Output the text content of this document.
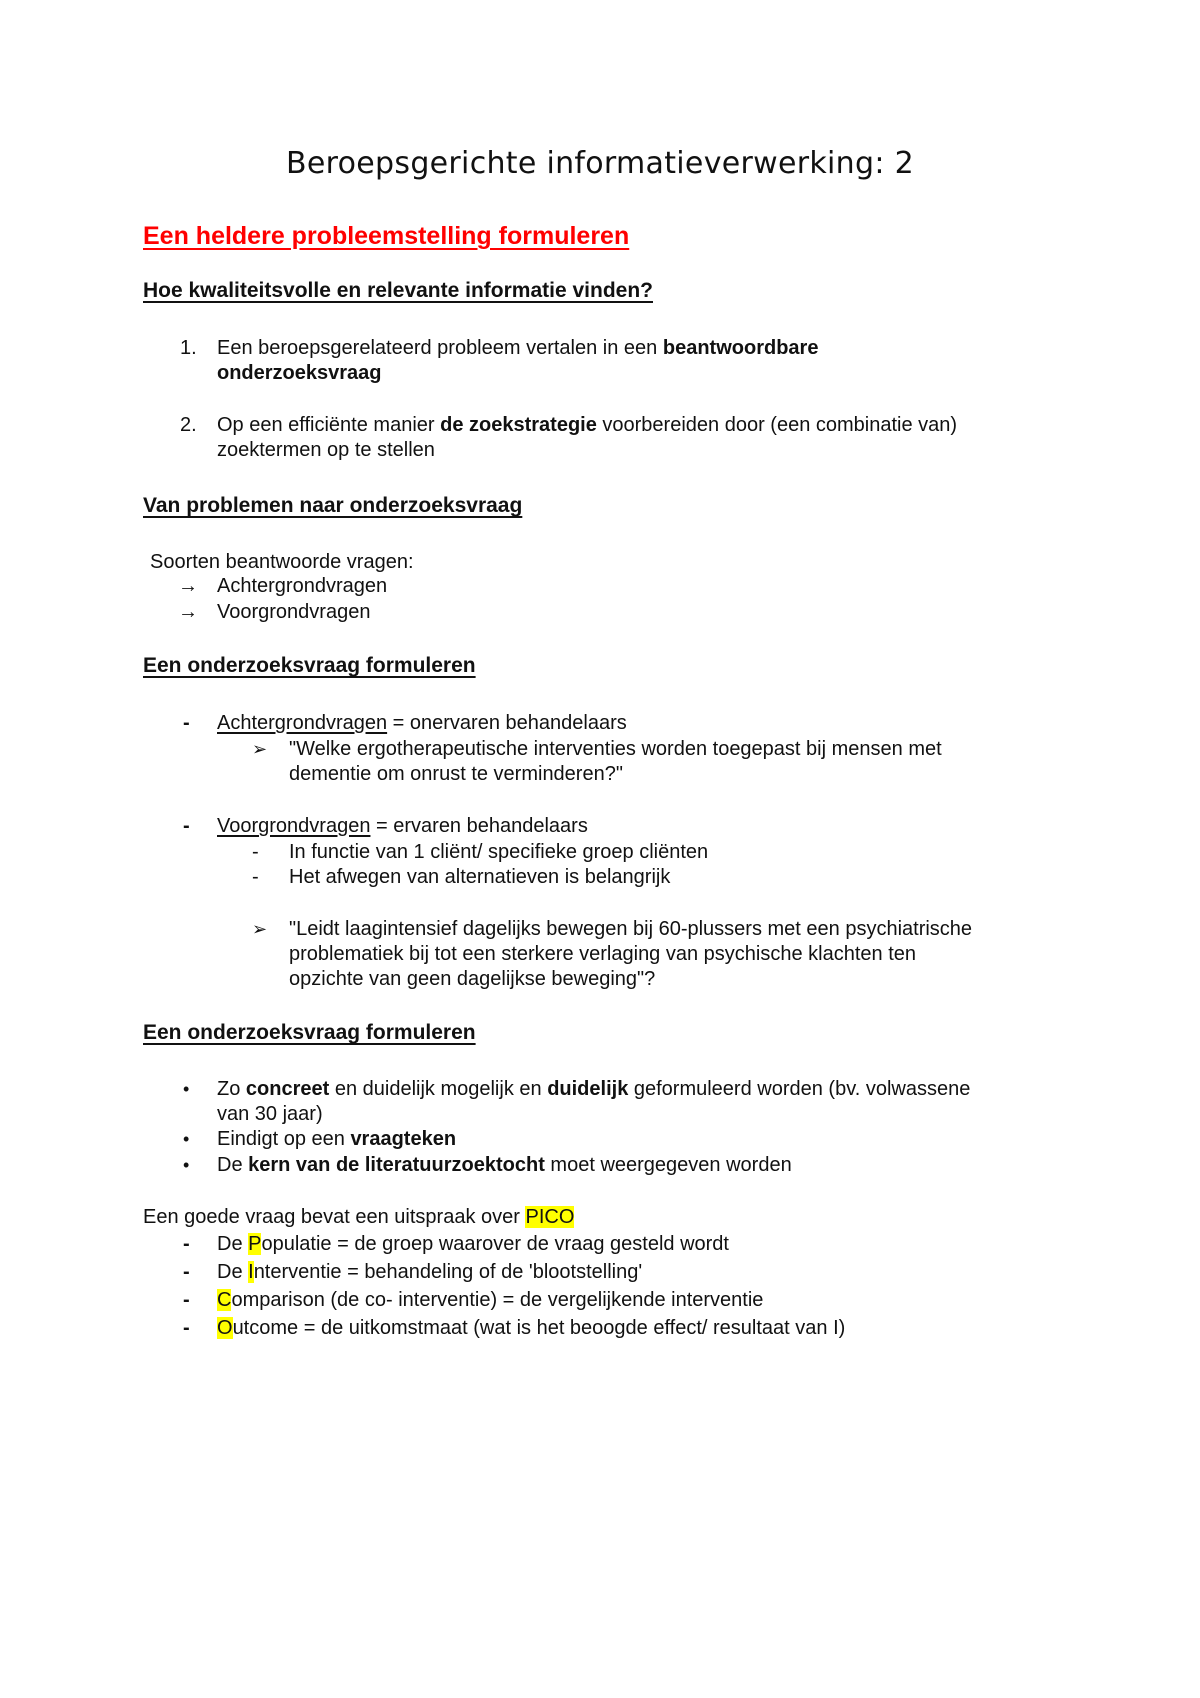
Beroepsgerichte informatieverwerking: 2
Een heldere probleemstelling formuleren
Hoe kwaliteitsvolle en relevante informatie vinden?
1. Een beroepsgerelateerd probleem vertalen in een beantwoordbare
onderzoeksvraag
2. Op een efficiënte manier de zoekstrategie voorbereiden door (een combinatie van)
zoektermen op te stellen
Van problemen naar onderzoeksvraag
Soorten beantwoorde vragen:
→ Achtergrondvragen
→ Voorgrondvragen
Een onderzoeksvraag formuleren
- Achtergrondvragen = onervaren behandelaars
➢ "Welke ergotherapeutische interventies worden toegepast bij mensen met
dementie om onrust te verminderen?"
- Voorgrondvragen = ervaren behandelaars
- In functie van 1 cliënt/ specifieke groep cliënten
- Het afwegen van alternatieven is belangrijk
➢ "Leidt laagintensief dagelijks bewegen bij 60-plussers met een psychiatrische
problematiek bij tot een sterkere verlaging van psychische klachten ten
opzichte van geen dagelijkse beweging"?
Een onderzoeksvraag formuleren
• Zo concreet en duidelijk mogelijk en duidelijk geformuleerd worden (bv. volwassene
van 30 jaar)
• Eindigt op een vraagteken
• De kern van de literatuurzoektocht moet weergegeven worden
Een goede vraag bevat een uitspraak over PICO
- De Populatie = de groep waarover de vraag gesteld wordt
- De Interventie = behandeling of de 'blootstelling'
- Comparison (de co- interventie) = de vergelijkende interventie
- Outcome = de uitkomstmaat (wat is het beoogde effect/ resultaat van I)
